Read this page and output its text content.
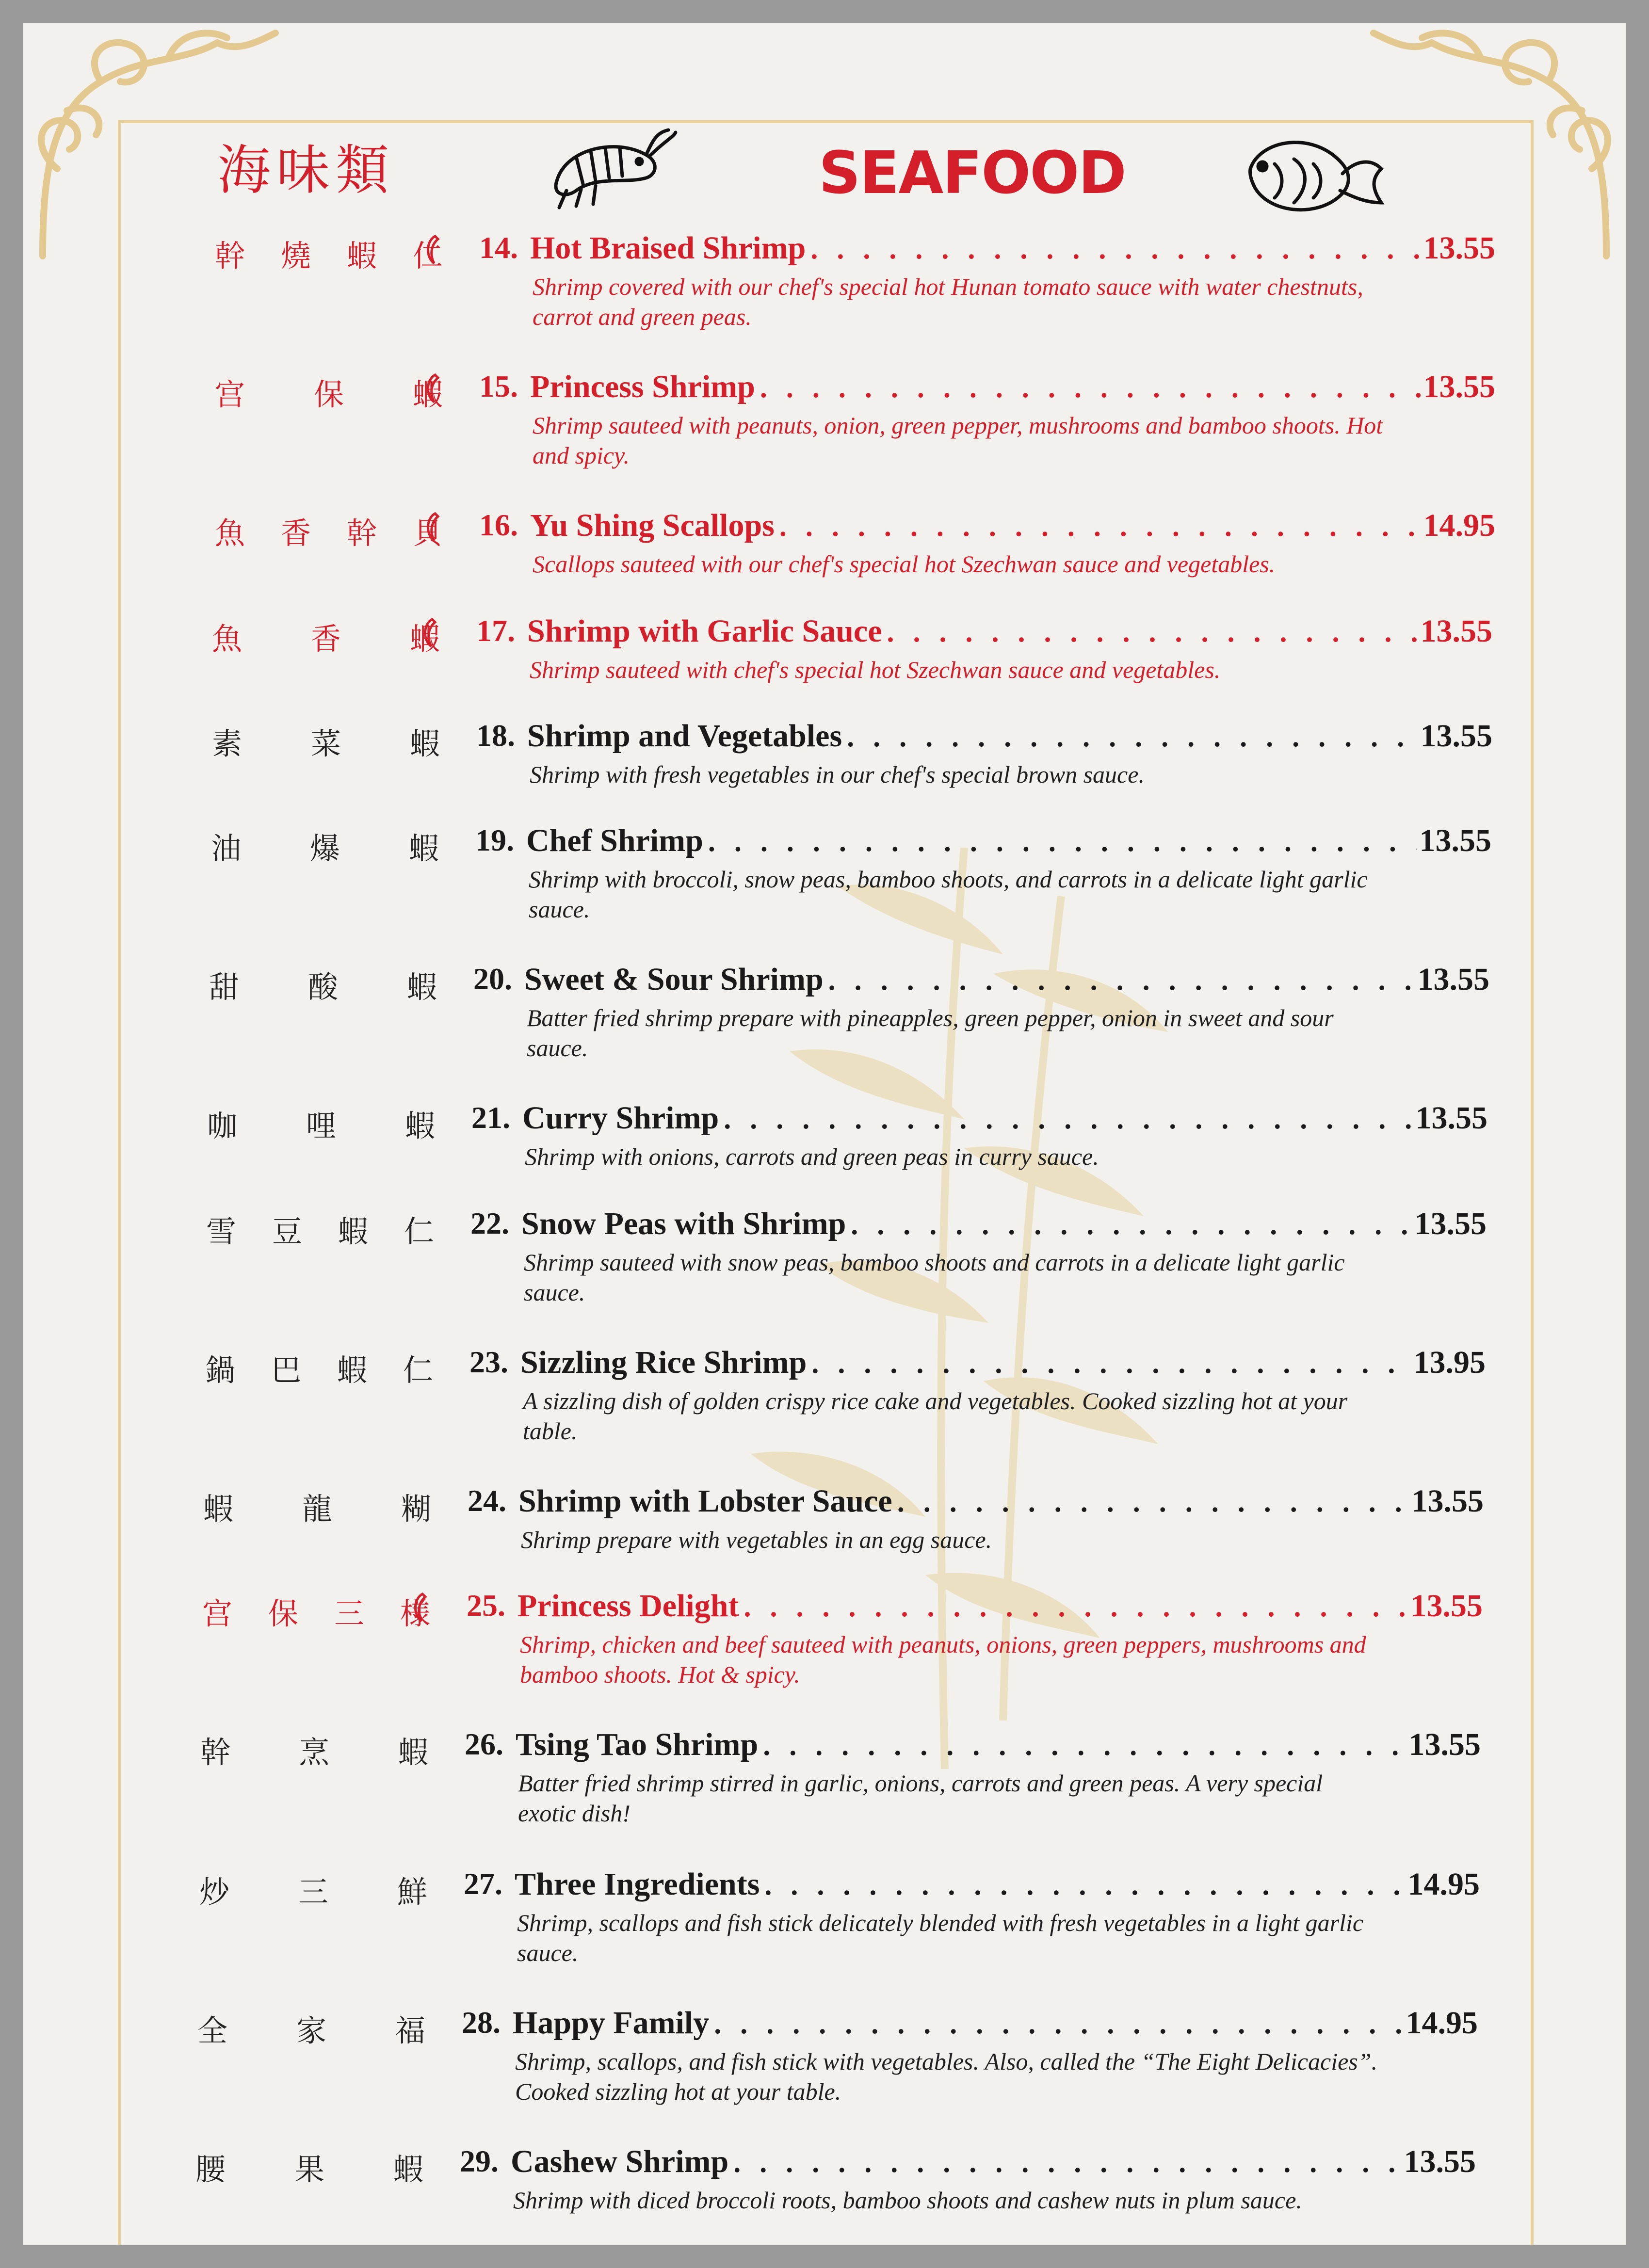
海味類	SEAFOOD
幹 燒 蝦 仁	14. Hot Braised Shrimp . . .	13.55
Shrimp covered with our chef's special hot Hunan tomato sauce with water chestnuts, carrot and green peas.
宫 保 蝦	15. Princess Shrimp . . .	13.55
Shrimp sauteed with peanuts, onion, green pepper, mushrooms and bamboo shoots. Hot and spicy.
魚 香 幹 貝	16. Yu Shing Scallops . . .	14.95
Scallops sauteed with our chef's special hot Szechwan sauce and vegetables.
魚 香 蝦	17. Shrimp with Garlic Sauce . . .	13.55
Shrimp sauteed with chef's special hot Szechwan sauce and vegetables.
素 菜 蝦	18. Shrimp and Vegetables . . .	13.55
Shrimp with fresh vegetables in our chef's special brown sauce.
油 爆 蝦	19. Chef Shrimp . . .	13.55
Shrimp with broccoli, snow peas, bamboo shoots, and carrots in a delicate light garlic sauce.
甜 酸 蝦	20. Sweet & Sour Shrimp . . .	13.55
Batter fried shrimp prepare with pineapples, green pepper, onion in sweet and sour sauce.
咖 哩 蝦	21. Curry Shrimp . . .	13.55
Shrimp with onions, carrots and green peas in curry sauce.
雪 豆 蝦 仁	22. Snow Peas with Shrimp . . .	13.55
Shrimp sauteed with snow peas, bamboo shoots and carrots in a delicate light garlic sauce.
鍋 巴 蝦 仁	23. Sizzling Rice Shrimp . . .	13.95
A sizzling dish of golden crispy rice cake and vegetables. Cooked sizzling hot at your table.
蝦 龍 糊	24. Shrimp with Lobster Sauce . . .	13.55
Shrimp prepare with vegetables in an egg sauce.
宫 保 三 様	25. Princess Delight . . .	13.55
Shrimp, chicken and beef sauteed with peanuts, onions, green peppers, mushrooms and bamboo shoots. Hot & spicy.
幹 烹 蝦	26. Tsing Tao Shrimp . . .	13.55
Batter fried shrimp stirred in garlic, onions, carrots and green peas. A very special exotic dish!
炒 三 鮮	27. Three Ingredients . . .	14.95
Shrimp, scallops and fish stick delicately blended with fresh vegetables in a light garlic sauce.
全 家 福	28. Happy Family . . .	14.95
Shrimp, scallops, and fish stick with vegetables. Also, called the “The Eight Delicacies”. Cooked sizzling hot at your table.
腰 果 蝦	29. Cashew Shrimp . . .	13.55
Shrimp with diced broccoli roots, bamboo shoots and cashew nuts in plum sauce.
